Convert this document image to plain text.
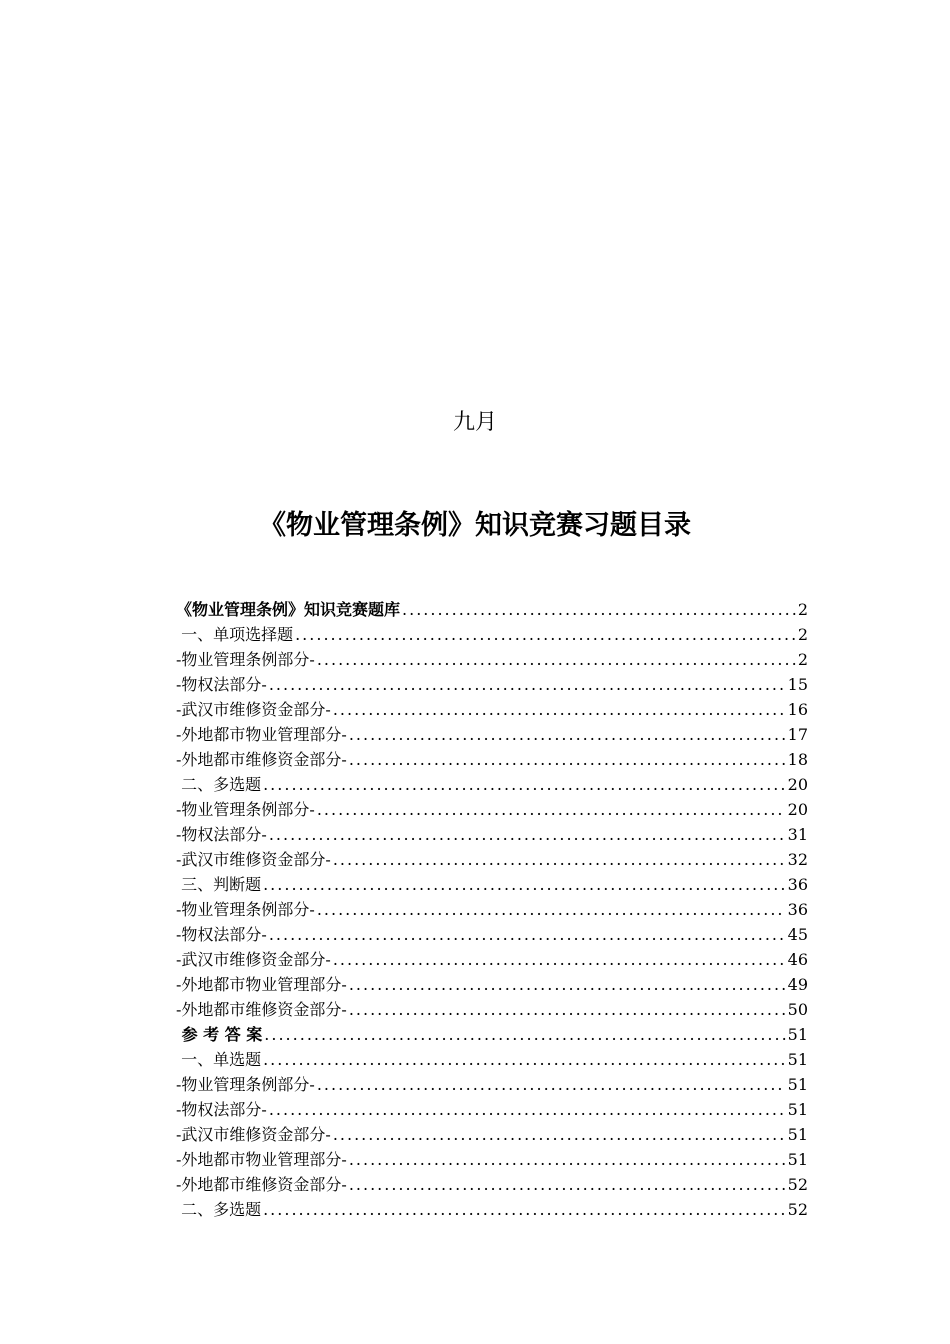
九月
《物业管理条例》知识竞赛习题目录
《物业管理条例》知识竞赛题库 .....	2
一、单项选择题 .....	2
-物业管理条例部分- .....	2
-物权法部分- .....	15
-武汉市维修资金部分- .....	16
-外地都市物业管理部分- .....	17
-外地都市维修资金部分- .....	18
二、多选题 .....	20
-物业管理条例部分- .....	20
-物权法部分- .....	31
-武汉市维修资金部分- .....	32
三、判断题 .....	36
-物业管理条例部分- .....	36
-物权法部分- .....	45
-武汉市维修资金部分- .....	46
-外地都市物业管理部分- .....	49
-外地都市维修资金部分- .....	50
参 考 答 案 .....	51
一、单选题 .....	51
-物业管理条例部分- .....	51
-物权法部分- .....	51
-武汉市维修资金部分- .....	51
-外地都市物业管理部分- .....	51
-外地都市维修资金部分- .....	52
二、多选题 .....	52
